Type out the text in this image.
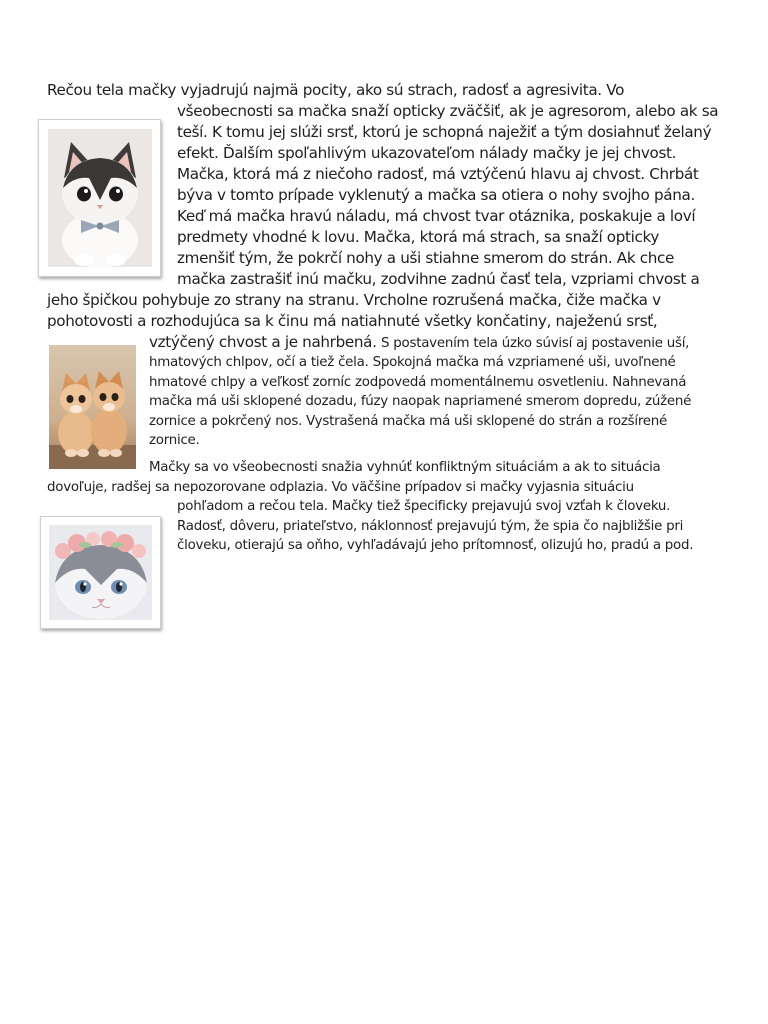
Rečou tela mačky vyjadrujú najmä pocity, ako sú strach, radosť a agresivita. Vo
všeobecnosti sa mačka snaží opticky zväčšiť, ak je agresorom, alebo ak sa
teší. K tomu jej slúži srsť, ktorú je schopná naježiť a tým dosiahnuť želaný
efekt. Ďalším spoľahlivým ukazovateľom nálady mačky je jej chvost.
Mačka, ktorá má z niečoho radosť, má vztýčenú hlavu aj chvost. Chrbát
býva v tomto prípade vyklenutý a mačka sa otiera o nohy svojho pána.
Keď má mačka hravú náladu, má chvost tvar otáznika, poskakuje a loví
predmety vhodné k lovu. Mačka, ktorá má strach, sa snaží opticky
zmenšiť tým, že pokrčí nohy a uši stiahne smerom do strán. Ak chce
mačka zastrašiť inú mačku, zodvihne zadnú časť tela, vzpriami chvost a
jeho špičkou pohybuje zo strany na stranu. Vrcholne rozrušená mačka, čiže mačka v
pohotovosti a rozhodujúca sa k činu má natiahnuté všetky končatiny, naježenú srsť,
vztýčený chvost a je nahrbená. S postavením tela úzko súvisí aj postavenie uší,
hmatových chlpov, očí a tiež čela. Spokojná mačka má vzpriamené uši, uvoľnené
hmatové chlpy a veľkosť zorníc zodpovedá momentálnemu osvetleniu. Nahnevaná
mačka má uši sklopené dozadu, fúzy naopak napriamené smerom dopredu, zúžené
zornice a pokrčený nos. Vystrašená mačka má uši sklopené do strán a rozšírené
zornice.
Mačky sa vo všeobecnosti snažia vyhnúť konfliktným situáciám a ak to situácia
dovoľuje, radšej sa nepozorovane odplazia. Vo väčšine prípadov si mačky vyjasnia situáciu
pohľadom a rečou tela. Mačky tiež špecificky prejavujú svoj vzťah k človeku.
Radosť, dôveru, priateľstvo, náklonnosť prejavujú tým, že spia čo najbližšie pri
človeku, otierajú sa oňho, vyhľadávajú jeho prítomnosť, olizujú ho, pradú a pod.
